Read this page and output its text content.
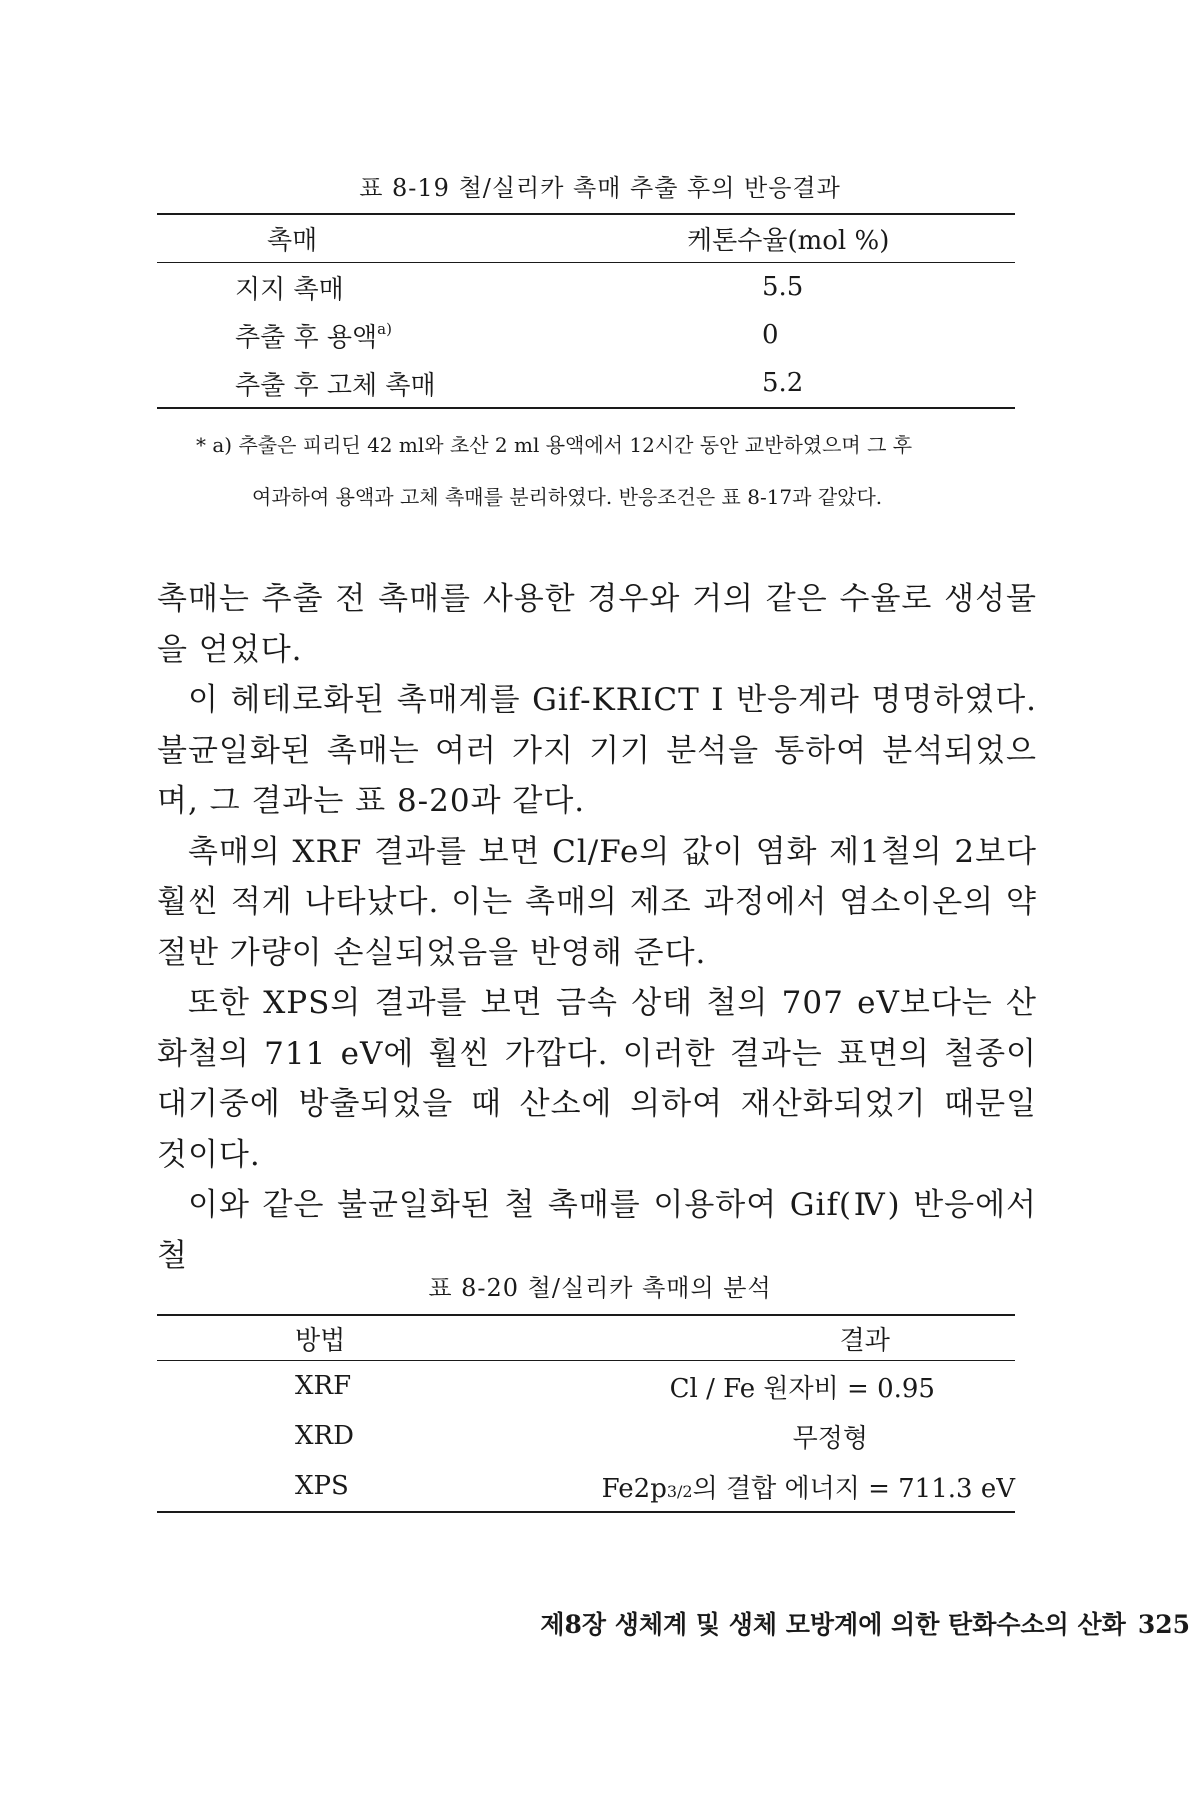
표 8-19 철/실리카 촉매 추출 후의 반응결과
촉매	케톤수율(mol %)
지지 촉매	5.5
추출 후 용액$^{a)}$	0
추출 후 고체 촉매	5.2
* a) 추출은 피리딘 42 ml와 초산 2 ml 용액에서 12시간 동안 교반하였으며 그 후
여과하여 용액과 고체 촉매를 분리하였다. 반응조건은 표 8-17과 같았다.

촉매는 추출 전 촉매를 사용한 경우와 거의 같은 수율로 생성물을 얻었다.

이 헤테로화된 촉매계를 Gif-KRICT I 반응계라 명명하였다. 불균일화된 촉매는 여러 가지 기기 분석을 통하여 분석되었으며, 그 결과는 표 8-20과 같다.

촉매의 XRF 결과를 보면 Cl/Fe의 값이 염화 제1철의 2보다 훨씬 적게 나타났다. 이는 촉매의 제조 과정에서 염소이온의 약 절반 가량이 손실되었음을 반영해 준다.

또한 XPS의 결과를 보면 금속 상태 철의 707 eV보다는 산화철의 711 eV에 훨씬 가깝다. 이러한 결과는 표면의 철종이 대기중에 방출되었을 때 산소에 의하여 재산화되었기 때문일 것이다.

이와 같은 불균일화된 철 촉매를 이용하여 Gif(Ⅳ) 반응에서 철

표 8-20 철/실리카 촉매의 분석
방법	결과
XRF	Cl / Fe 원자비 = 0.95
XRD	무정형
XPS	Fe2p3/2의 결합 에너지 = 711.3 eV
제8장 생체계 및 생체 모방계에 의한 탄화수소의 산화 325
